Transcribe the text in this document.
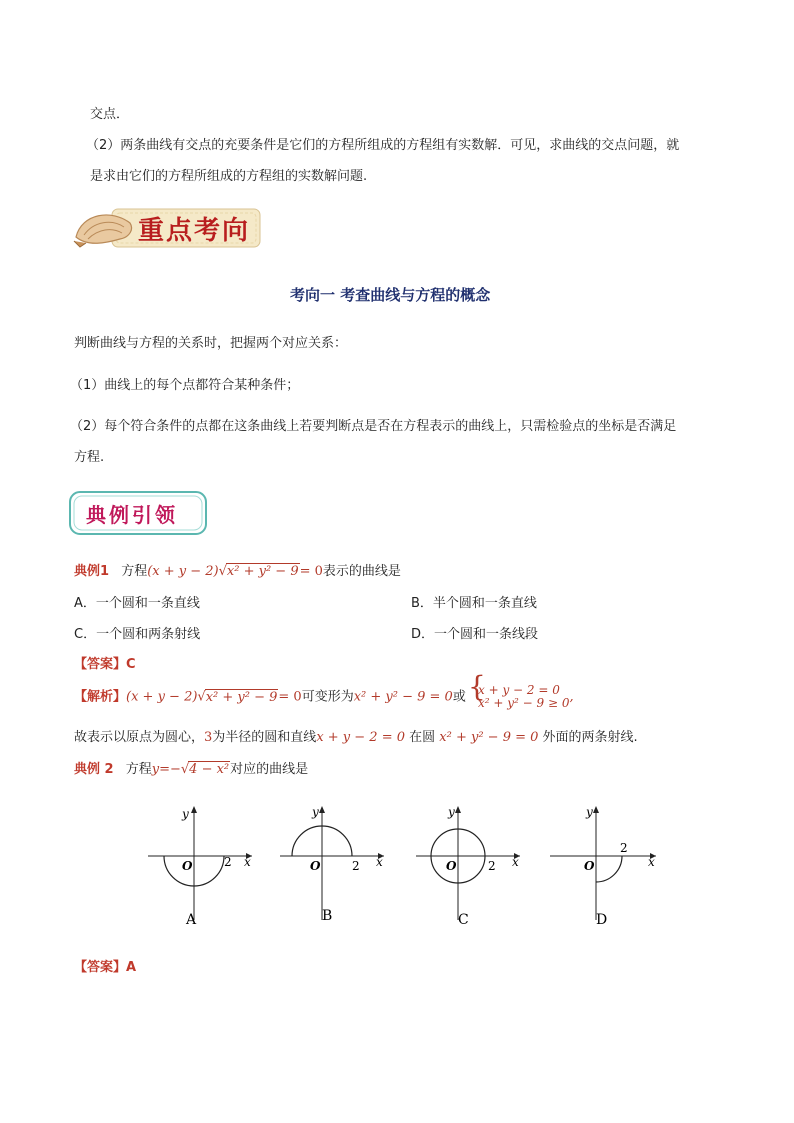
交点．
（2）两条曲线有交点的充要条件是它们的方程所组成的方程组有实数解．可见，求曲线的交点问题，就
是求由它们的方程所组成的方程组的实数解问题.
重点考向
考向一 考查曲线与方程的概念
判断曲线与方程的关系时，把握两个对应关系：
（1）曲线上的每个点都符合某种条件；
（2）每个符合条件的点都在这条曲线上若要判断点是否在方程表示的曲线上，只需检验点的坐标是否满足
方程.
典例引领
典例1 方程(x + y − 2)√x² + y² − 9= 0表示的曲线是
A．一个圆和一条直线	B．半个圆和一条直线
C．一个圆和两条射线	D．一个圆和一条线段
【答案】C
【解析】(x + y − 2)√x² + y² − 9= 0可变形为x² + y² − 9 = 0或 { x + y − 2 = 0
x² + y² − 9 ≥ 0 ,
故表示以原点为圆心，3为半径的圆和直线x + y − 2 = 0 在圆 x² + y² − 9 = 0 外面的两条射线.
典例 2 方程y=−√4 − x²对应的曲线是
y
x
O	2
A
y
x
O	2
B
y
x
O	2
C
y
x
O
2
D
【答案】A
